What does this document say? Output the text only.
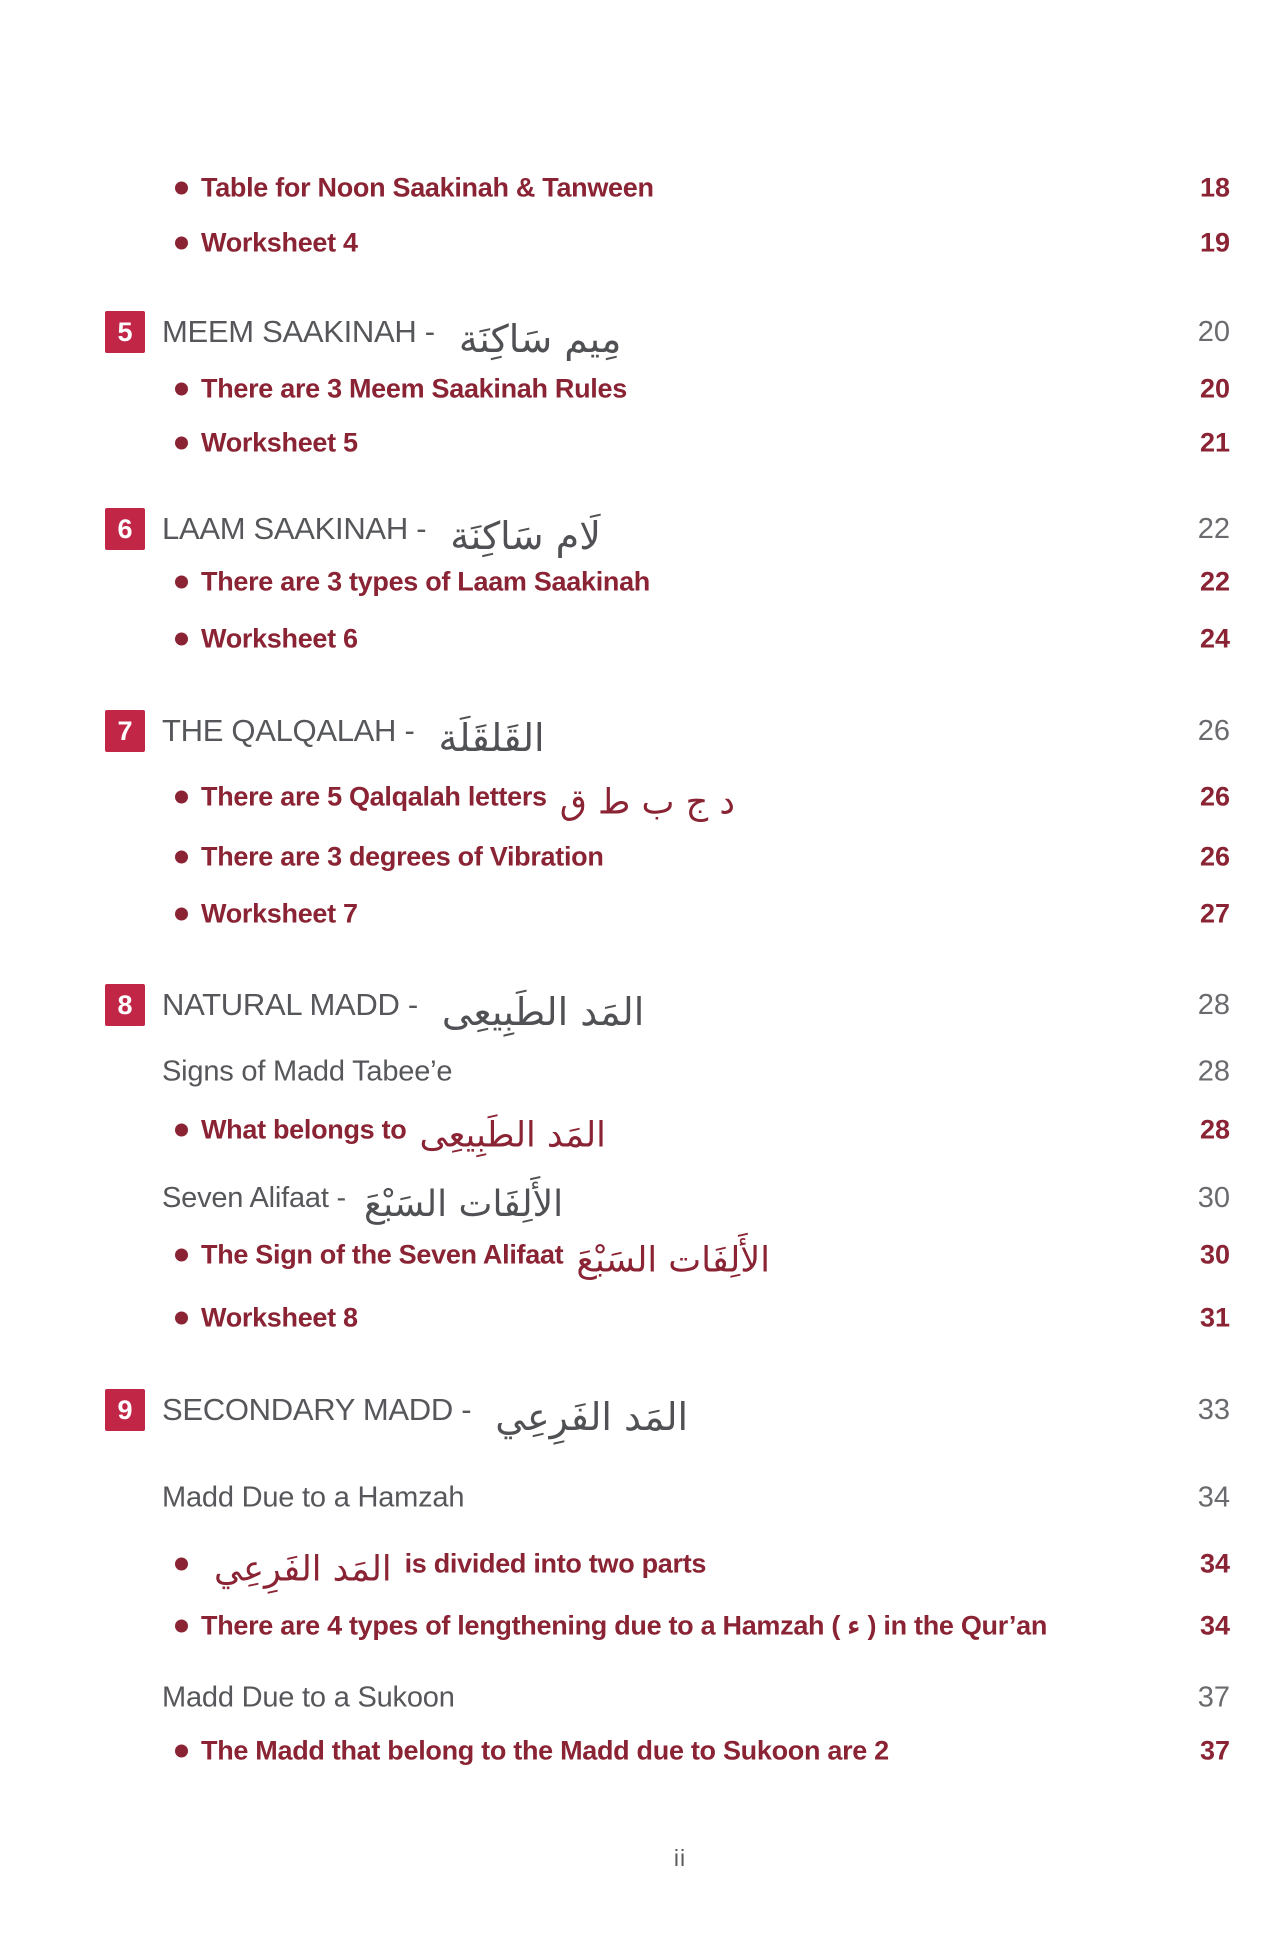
Table for Noon Saakinah & Tanween	18
Worksheet 4	19
5 MEEM SAAKINAH - مِيم سَاكِنَة	20
There are 3 Meem Saakinah Rules	20
Worksheet 5	21
6 LAAM SAAKINAH - لَام سَاكِنَة	22
There are 3 types of Laam Saakinah	22
Worksheet 6	24
7 THE QALQALAH - القَلقَلَة	26
There are 5 Qalqalah letters د ج ب ط ق	26
There are 3 degrees of Vibration	26
Worksheet 7	27
8 NATURAL MADD - المَد الطَبِيعِى	28
Signs of Madd Tabee’e	28
What belongs to المَد الطَبِيعِى	28
Seven Alifaat - الأَلِفَات السَبْعَ	30
The Sign of the Seven Alifaat الأَلِفَات السَبْعَ	30
Worksheet 8	31
9 SECONDARY MADD - المَد الفَرِعِي	33
Madd Due to a Hamzah	34
المَد الفَرِعِي is divided into two parts	34
There are 4 types of lengthening due to a Hamzah ( ء ) in the Qur’an	34
Madd Due to a Sukoon	37
The Madd that belong to the Madd due to Sukoon are 2	37
ii
